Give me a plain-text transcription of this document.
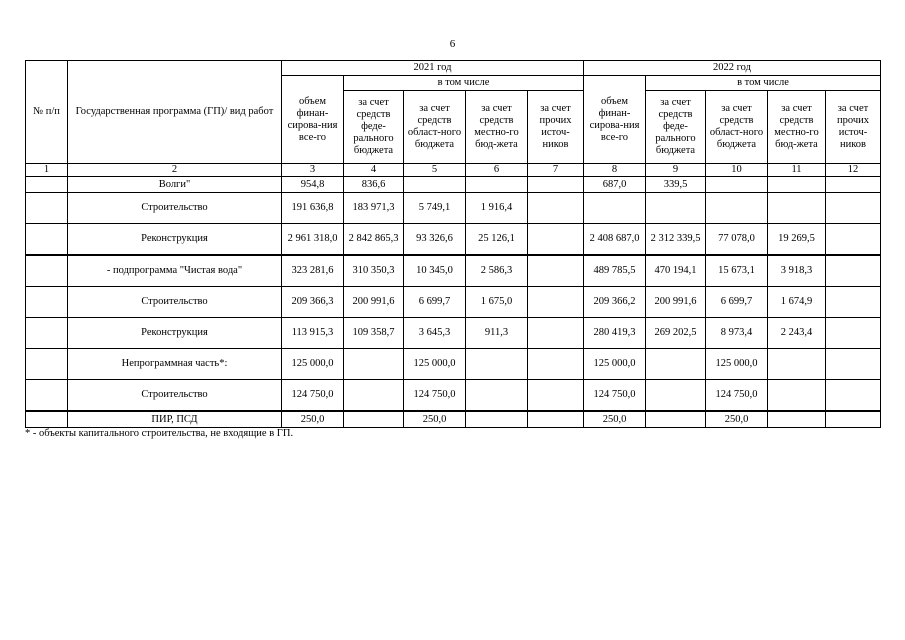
6
№ п/п	Государственная программа (ГП)/ вид работ	2021 год					2022 год				
		объем финан-сирова-ния все-го	в том числе				объем финан-сирова-ния все-го	в том числе			
			за счет средств феде-рального бюджета	за счет средств област-ного бюджета	за счет средств местно-го бюд-жета	за счет прочих источ-ников		за счет средств феде-рального бюджета	за счет средств област-ного бюджета	за счет средств местно-го бюд-жета	за счет прочих источ-ников
1	2	3	4	5	6	7	8	9	10	11	12
	Волги"	954,8	836,6				687,0	339,5			
	Строительство	191 636,8	183 971,3	5 749,1	1 916,4						
	Реконструкция	2 961 318,0	2 842 865,3	93 326,6	25 126,1		2 408 687,0	2 312 339,5	77 078,0	19 269,5	
	- подпрограмма "Чистая вода"	323 281,6	310 350,3	10 345,0	2 586,3		489 785,5	470 194,1	15 673,1	3 918,3	
	Строительство	209 366,3	200 991,6	6 699,7	1 675,0		209 366,2	200 991,6	6 699,7	1 674,9	
	Реконструкция	113 915,3	109 358,7	3 645,3	911,3		280 419,3	269 202,5	8 973,4	2 243,4	
	Непрограммная часть*:	125 000,0		125 000,0			125 000,0		125 000,0		
	Строительство	124 750,0		124 750,0			124 750,0		124 750,0		
	ПИР, ПСД	250,0		250,0			250,0		250,0		
* - объекты капитального строительства, не входящие в ГП.
